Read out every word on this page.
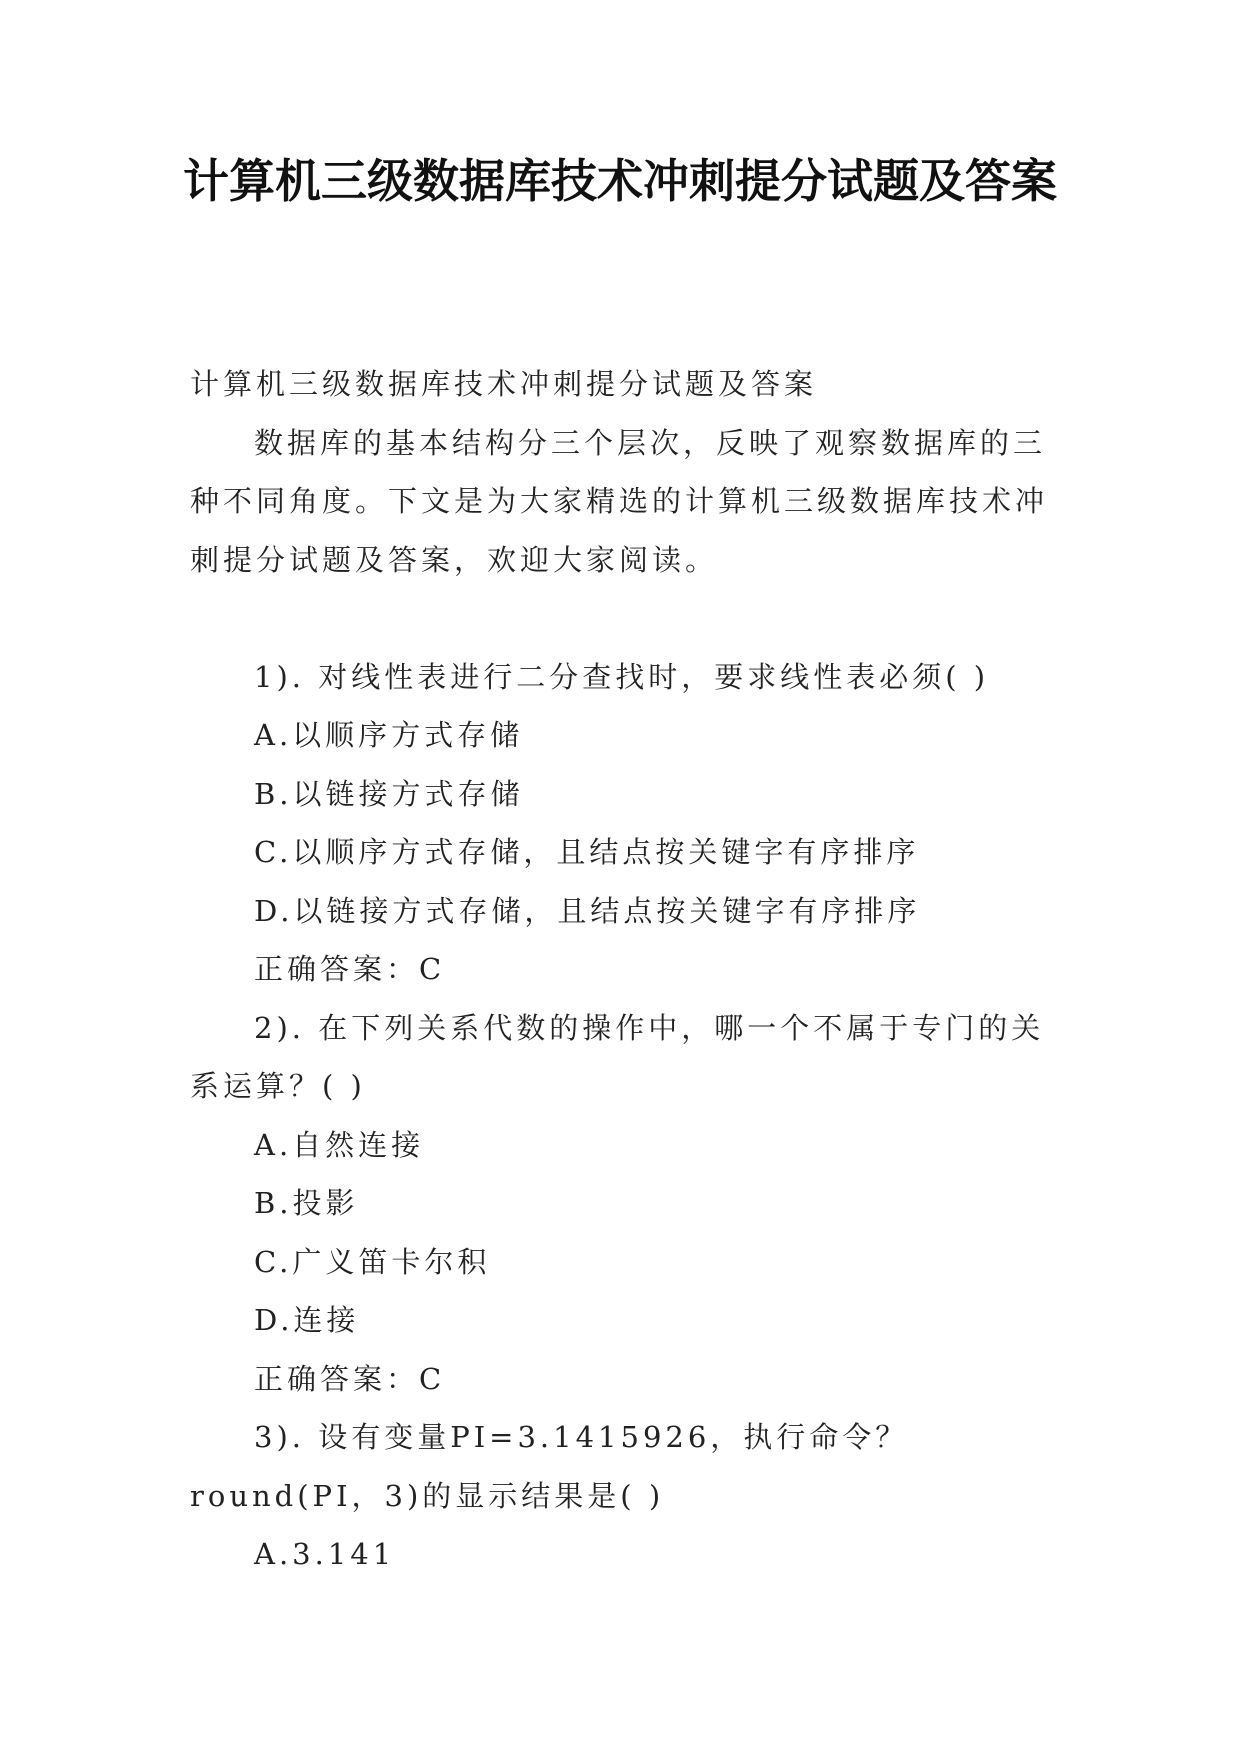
计算机三级数据库技术冲刺提分试题及答案

计算机三级数据库技术冲刺提分试题及答案

数据库的基本结构分三个层次，反映了观察数据库的三种不同角度。下文是为大家精选的计算机三级数据库技术冲刺提分试题及答案，欢迎大家阅读。

1). 对线性表进行二分查找时，要求线性表必须( )

A.以顺序方式存储

B.以链接方式存储

C.以顺序方式存储，且结点按关键字有序排序

D.以链接方式存储，且结点按关键字有序排序

正确答案：C

2). 在下列关系代数的操作中，哪一个不属于专门的关系运算？( )

A.自然连接

B.投影

C.广义笛卡尔积

D.连接

正确答案：C

3). 设有变量PI=3.1415926，执行命令？round(PI，3)的显示结果是( )

A.3.141
